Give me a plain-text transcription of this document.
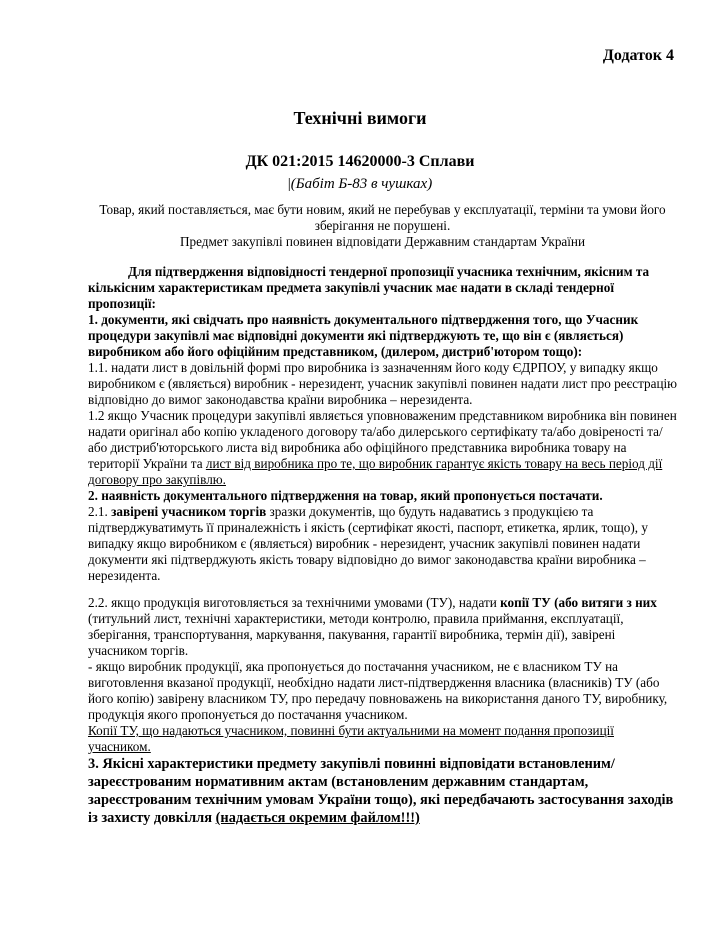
Додаток 4
Технічні вимоги
ДК 021:2015 14620000-3 Сплави
|(Бабіт Б-83 в чушках)
Товар, який поставляється, має бути новим, який не перебував у експлуатації, терміни та умови його зберігання не порушені.
Предмет закупівлі повинен відповідати Державним стандартам України

Для підтвердження відповідності тендерної пропозиції учасника технічним, якісним та кількісним характеристикам предмета закупівлі учасник має надати в складі тендерної пропозиції:

1. документи, які свідчать про наявність документального підтвердження того, що Учасник процедури закупівлі має відповідні документи які підтверджують те, що він є (являється) виробником або його офіційним представником, (дилером, дистриб'ютором тощо):

1.1. надати лист в довільній формі про виробника із зазначенням його коду ЄДРПОУ, у випадку якщо виробником є (являється) виробник - нерезидент, учасник закупівлі повинен надати лист про реєстрацію відповідно до вимог законодавства країни виробника – нерезидента.

1.2 якщо Учасник процедури закупівлі являється уповноваженим представником виробника він повинен надати оригінал або копію укладеного договору та/або дилерського сертифікату та/або довіреності та/або дистриб'юторського листа від виробника або офіційного представника виробника товару на території України та лист від виробника про те, що виробник гарантує якість товару на весь період дії договору про закупівлю.

2. наявність документального підтвердження на товар, який пропонується постачати.

2.1. завірені учасником торгів зразки документів, що будуть надаватись з продукцією та підтверджуватимуть її приналежність і якість (сертифікат якості, паспорт, етикетка, ярлик, тощо), у випадку якщо виробником є (являється) виробник - нерезидент, учасник закупівлі повинен надати документи які підтверджують якість товару відповідно до вимог законодавства країни виробника – нерезидента.

2.2. якщо продукція виготовляється за технічними умовами (ТУ), надати копії ТУ (або витяги з них (титульний лист, технічні характеристики, методи контролю, правила приймання, експлуатації, зберігання, транспортування, маркування, пакування, гарантії виробника, термін дії), завірені учасником торгів.

- якщо виробник продукції, яка пропонується до постачання учасником, не є власником ТУ на виготовлення вказаної продукції, необхідно надати лист-підтвердження власника (власників) ТУ (або його копію) завірену власником ТУ, про передачу повноважень на використання даного ТУ, виробнику, продукція якого пропонується до постачання учасником.

Копії ТУ, що надаються учасником, повинні бути актуальними на момент подання пропозиції учасником.

3. Якісні характеристики предмету закупівлі повинні відповідати встановленим/зареєстрованим нормативним актам (встановленим державним стандартам, зареєстрованим технічним умовам України тощо), які передбачають застосування заходів із захисту довкілля (надається окремим файлом!!!)
